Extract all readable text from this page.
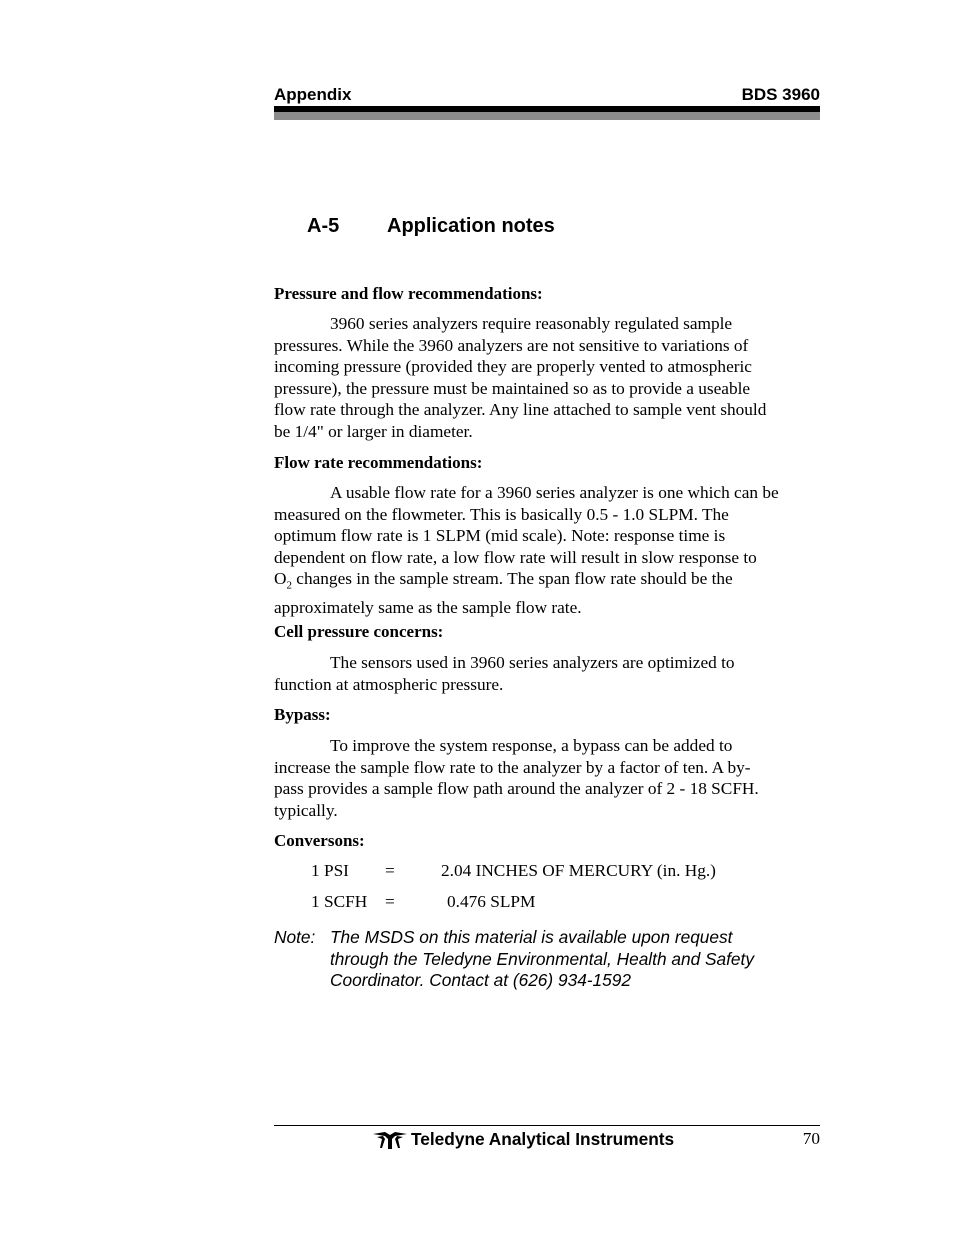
Appendix	BDS 3960
A-5 Application notes
Pressure and flow recommendations:
3960 series analyzers require reasonably regulated sample
pressures. While the 3960 analyzers are not sensitive to variations of
incoming pressure (provided they are properly vented to atmospheric
pressure), the pressure must be maintained so as to provide a useable
flow rate through the analyzer. Any line attached to sample vent should
be 1/4" or larger in diameter.
Flow rate recommendations:
A usable flow rate for a 3960 series analyzer is one which can be
measured on the flowmeter. This is basically 0.5 - 1.0 SLPM. The
optimum flow rate is 1 SLPM (mid scale). Note: response time is
dependent on flow rate, a low flow rate will result in slow response to
$O_2$ changes in the sample stream. The span flow rate should be the
approximately same as the sample flow rate.
Cell pressure concerns:
The sensors used in 3960 series analyzers are optimized to
function at atmospheric pressure.
Bypass:
To improve the system response, a bypass can be added to
increase the sample flow rate to the analyzer by a factor of ten. A by-
pass provides a sample flow path around the analyzer of 2 - 18 SCFH.
typically.
Conversons:
1 PSI =	2.04 INCHES OF MERCURY (in. Hg.)
1 SCFH =	0.476 SLPM
Note: The MSDS on this material is available upon request
through the Teledyne Environmental, Health and Safety
Coordinator. Contact at (626) 934-1592
Teledyne Analytical Instruments	70
